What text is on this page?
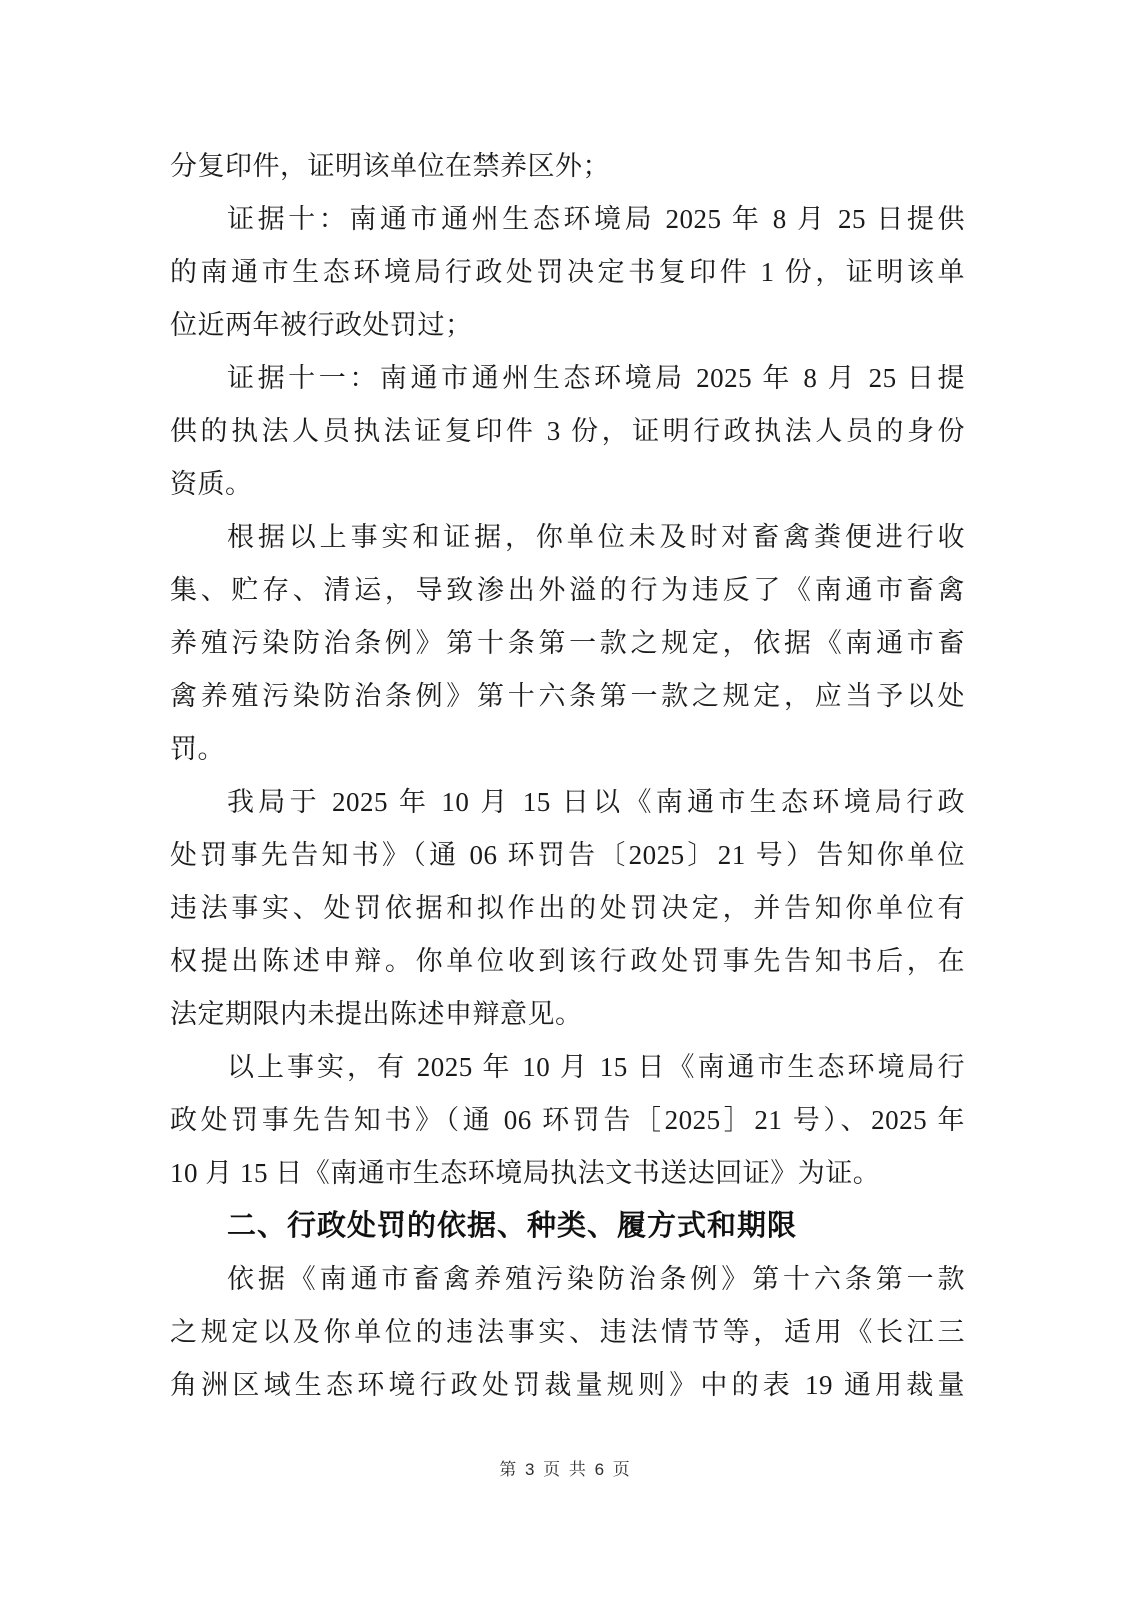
分复印件，证明该单位在禁养区外；
证据十：南通市通州生态环境局 2025 年 8 月 25 日提供
的南通市生态环境局行政处罚决定书复印件 1 份，证明该单
位近两年被行政处罚过；
证据十一：南通市通州生态环境局 2025 年 8 月 25 日提
供的执法人员执法证复印件 3 份，证明行政执法人员的身份
资质。
根据以上事实和证据，你单位未及时对畜禽粪便进行收
集、贮存、清运，导致渗出外溢的行为违反了《南通市畜禽
养殖污染防治条例》第十条第一款之规定，依据《南通市畜
禽养殖污染防治条例》第十六条第一款之规定，应当予以处
罚。
我局于 2025 年 10 月 15 日以《南通市生态环境局行政
处罚事先告知书》（通 06 环罚告〔2025〕21 号）告知你单位
违法事实、处罚依据和拟作出的处罚决定，并告知你单位有
权提出陈述申辩。你单位收到该行政处罚事先告知书后，在
法定期限内未提出陈述申辩意见。
以上事实，有 2025 年 10 月 15 日《南通市生态环境局行
政处罚事先告知书》（通 06 环罚告［2025］21 号）、2025 年
10 月 15 日《南通市生态环境局执法文书送达回证》为证。
二、行政处罚的依据、种类、履方式和期限
依据《南通市畜禽养殖污染防治条例》第十六条第一款
之规定以及你单位的违法事实、违法情节等，适用《长江三
角洲区域生态环境行政处罚裁量规则》中的表 19 通用裁量
第 3 页 共 6 页
